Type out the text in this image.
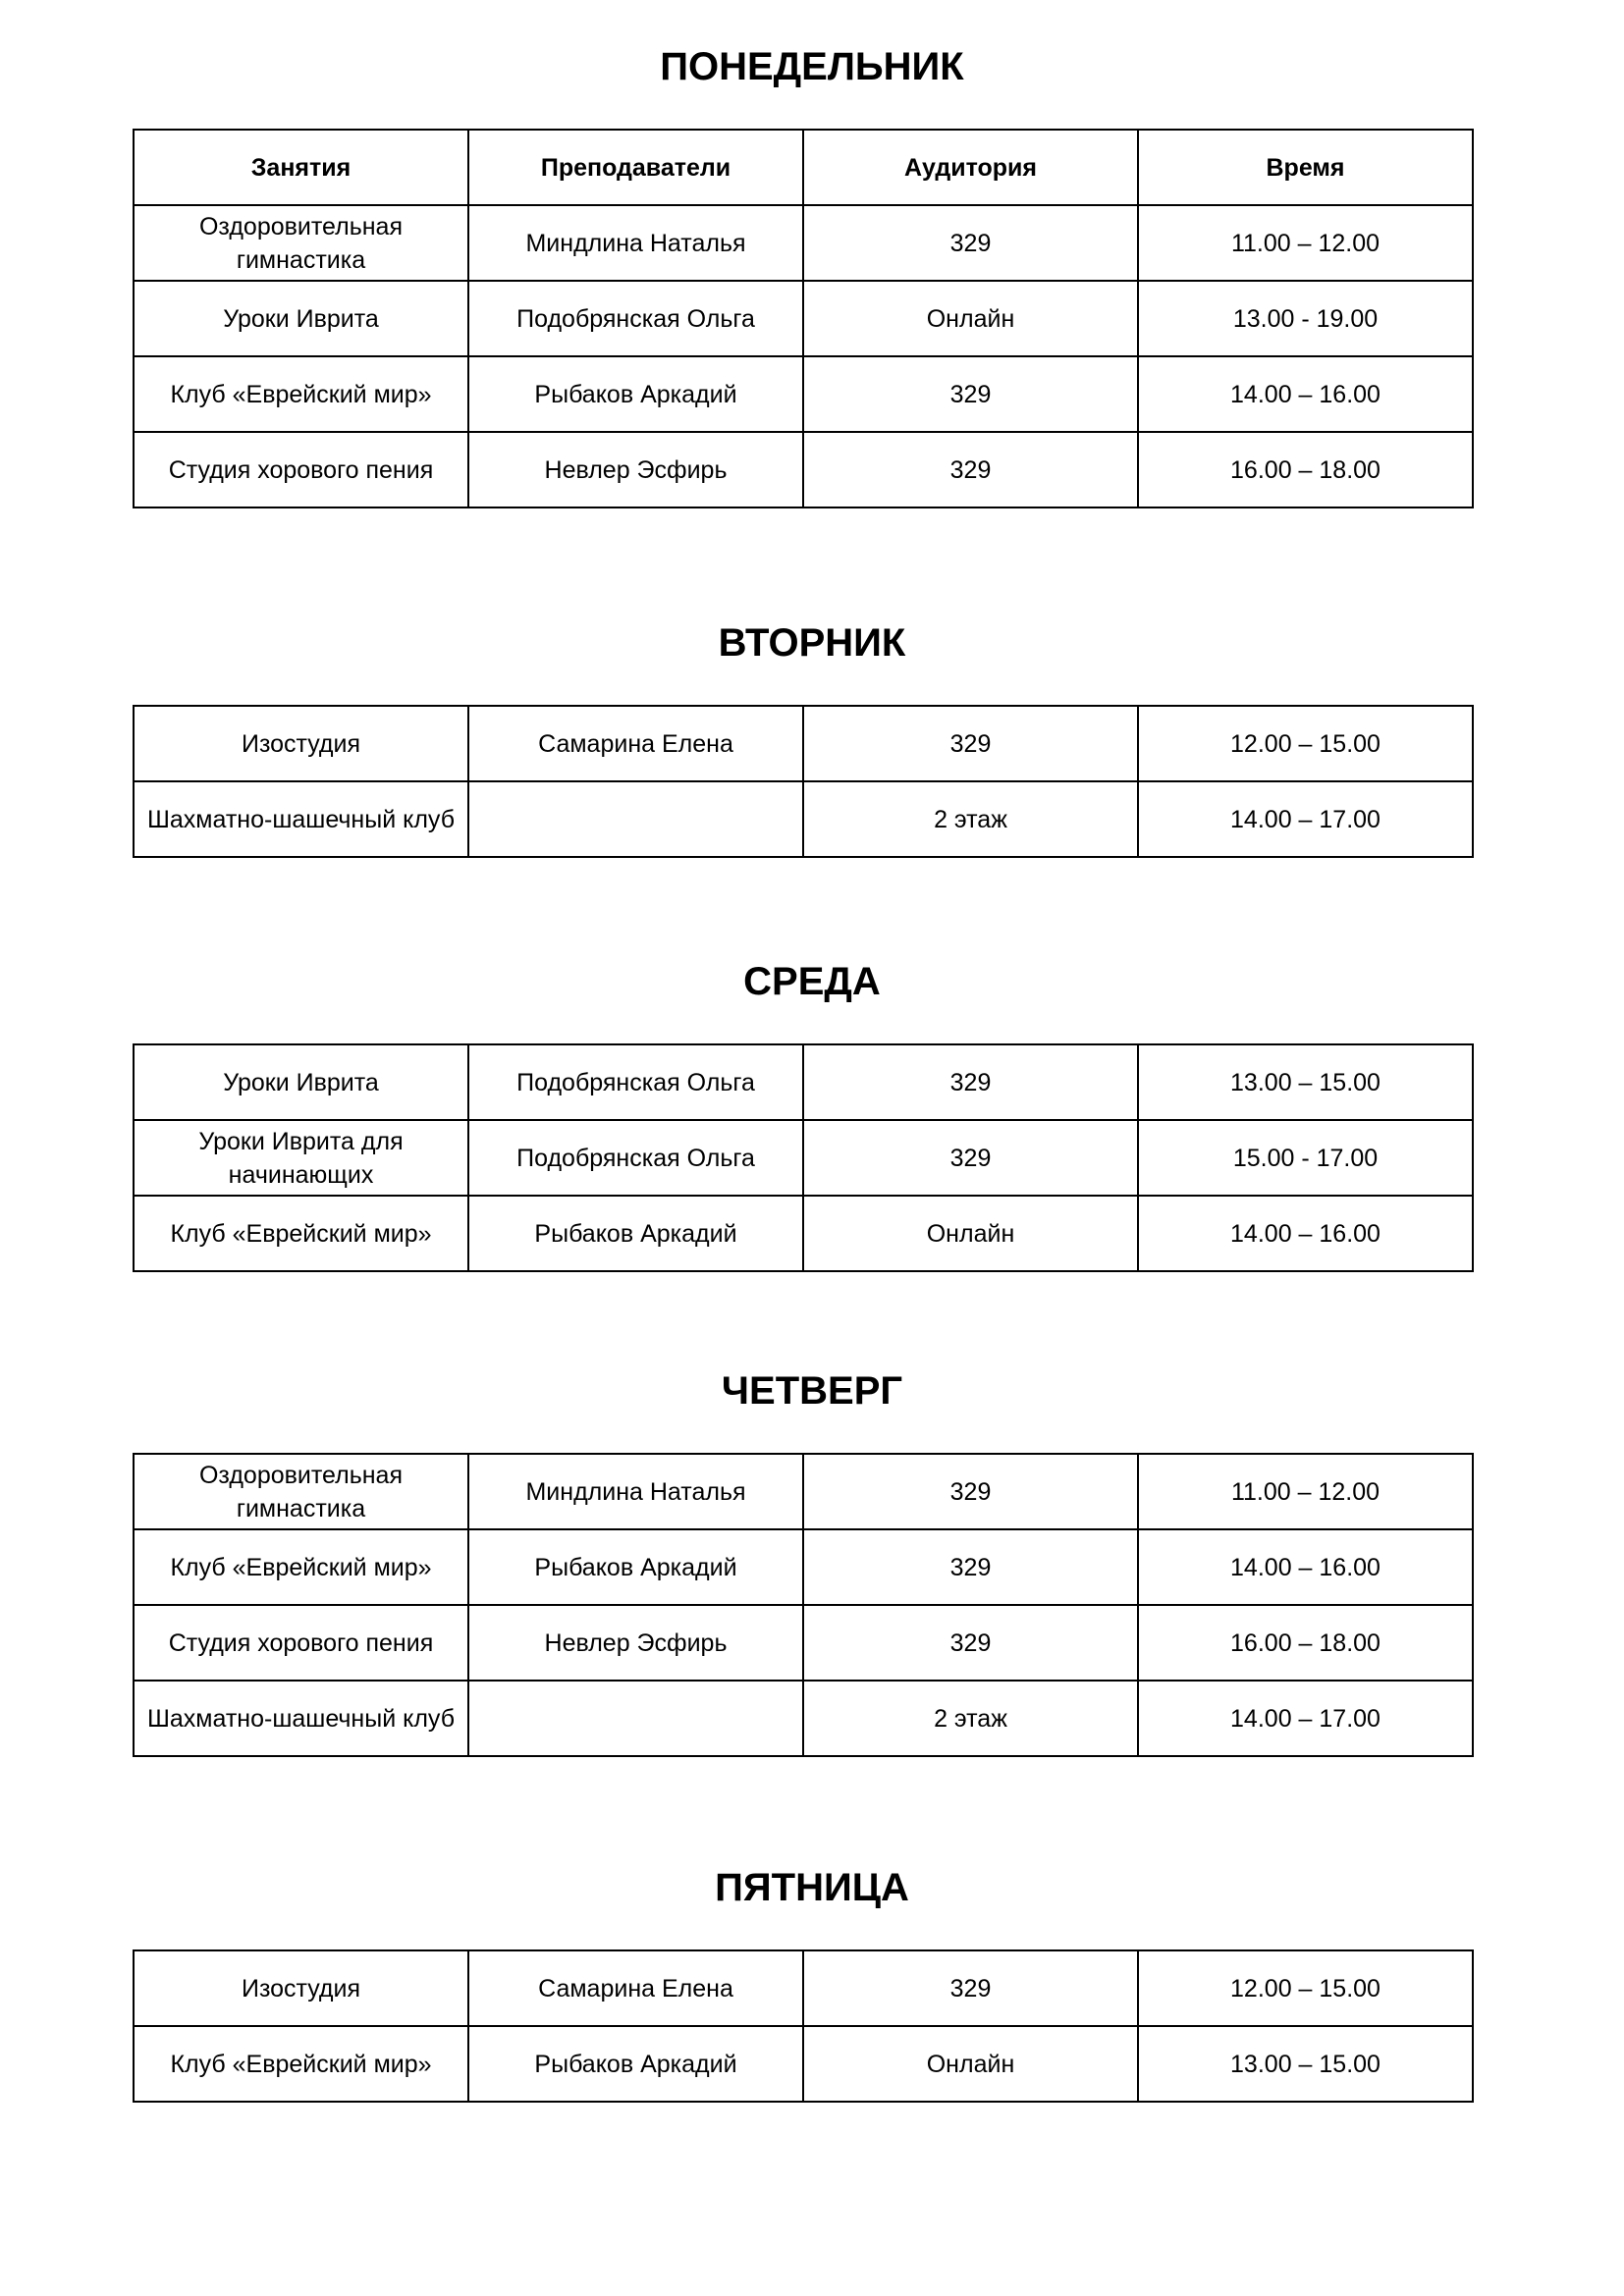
ПОНЕДЕЛЬНИК
Занятия	Преподаватели	Аудитория	Время
Оздоровительная гимнастика	Миндлина Наталья	329	11.00 – 12.00
Уроки Иврита	Подобрянская Ольга	Онлайн	13.00 - 19.00
Клуб «Еврейский мир»	Рыбаков Аркадий	329	14.00 – 16.00
Студия хорового пения	Невлер Эсфирь	329	16.00 – 18.00
ВТОРНИК
Изостудия	Самарина Елена	329	12.00 – 15.00
Шахматно-шашечный клуб		2 этаж	14.00 – 17.00
СРЕДА
Уроки Иврита	Подобрянская Ольга	329	13.00 – 15.00
Уроки Иврита для начинающих	Подобрянская Ольга	329	15.00 - 17.00
Клуб «Еврейский мир»	Рыбаков Аркадий	Онлайн	14.00 – 16.00
ЧЕТВЕРГ
Оздоровительная гимнастика	Миндлина Наталья	329	11.00 – 12.00
Клуб «Еврейский мир»	Рыбаков Аркадий	329	14.00 – 16.00
Студия хорового пения	Невлер Эсфирь	329	16.00 – 18.00
Шахматно-шашечный клуб		2 этаж	14.00 – 17.00
ПЯТНИЦА
Изостудия	Самарина Елена	329	12.00 – 15.00
Клуб «Еврейский мир»	Рыбаков Аркадий	Онлайн	13.00 – 15.00
